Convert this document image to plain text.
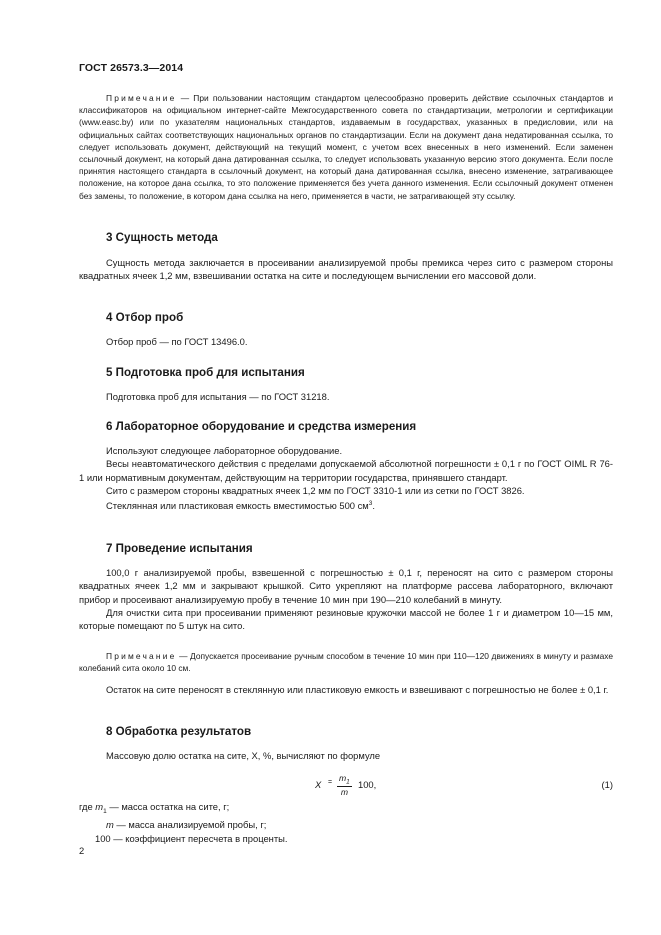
ГОСТ 26573.3—2014

Примечание — При пользовании настоящим стандартом целесообразно проверить действие ссылочных стандартов и классификаторов на официальном интернет-сайте Межгосударственного совета по стандартизации, метрологии и сертификации (www.easc.by) или по указателям национальных стандартов, издаваемым в государствах, указанных в предисловии, или на официальных сайтах соответствующих национальных органов по стандартизации. Если на документ дана недатированная ссылка, то следует использовать документ, действующий на текущий момент, с учетом всех внесенных в него изменений. Если заменен ссылочный документ, на который дана датированная ссылка, то следует использовать указанную версию этого документа. Если после принятия настоящего стандарта в ссылочный документ, на который дана датированная ссылка, внесено изменение, затрагивающее положение, на которое дана ссылка, то это положение применяется без учета данного изменения. Если ссылочный документ отменен без замены, то положение, в котором дана ссылка на него, применяется в части, не затрагивающей эту ссылку.

3 Сущность метода

Сущность метода заключается в просеивании анализируемой пробы премикса через сито с размером стороны квадратных ячеек 1,2 мм, взвешивании остатка на сите и последующем вычислении его массовой доли.

4 Отбор проб

Отбор проб — по ГОСТ 13496.0.

5 Подготовка проб для испытания

Подготовка проб для испытания — по ГОСТ 31218.

6 Лабораторное оборудование и средства измерения

Используют следующее лабораторное оборудование.

Весы неавтоматического действия с пределами допускаемой абсолютной погрешности ± 0,1 г по ГОСТ OIML R 76-1 или нормативным документам, действующим на территории государства, принявшего стандарт.

Сито с размером стороны квадратных ячеек 1,2 мм по ГОСТ 3310-1 или из сетки по ГОСТ 3826.

Стеклянная или пластиковая емкость вместимостью 500 $см^3$.

7 Проведение испытания

100,0 г анализируемой пробы, взвешенной с погрешностью ± 0,1 г, переносят на сито с размером стороны квадратных ячеек 1,2 мм и закрывают крышкой. Сито укрепляют на платформе рассева лабораторного, включают прибор и просеивают анализируемую пробу в течение 10 мин при 190—210 колебаний в минуту.

Для очистки сита при просеивании применяют резиновые кружочки массой не более 1 г и диаметром 10—15 мм, которые помещают по 5 штук на сито.

Примечание — Допускается просеивание ручным способом в течение 10 мин при 110—120 движениях в минуту и размахе колебаний сита около 10 см.

Остаток на сите переносят в стеклянную или пластиковую емкость и взвешивают с погрешностью не более ± 0,1 г.

8 Обработка результатов

Массовую долю остатка на сите, X, %, вычисляют по формуле

$X = \frac{m_1}{m} 100$,	(1)
где $m_1$ — масса остатка на сите, г;
m — масса анализируемой пробы, г;
100 — коэффициент пересчета в проценты.
2
